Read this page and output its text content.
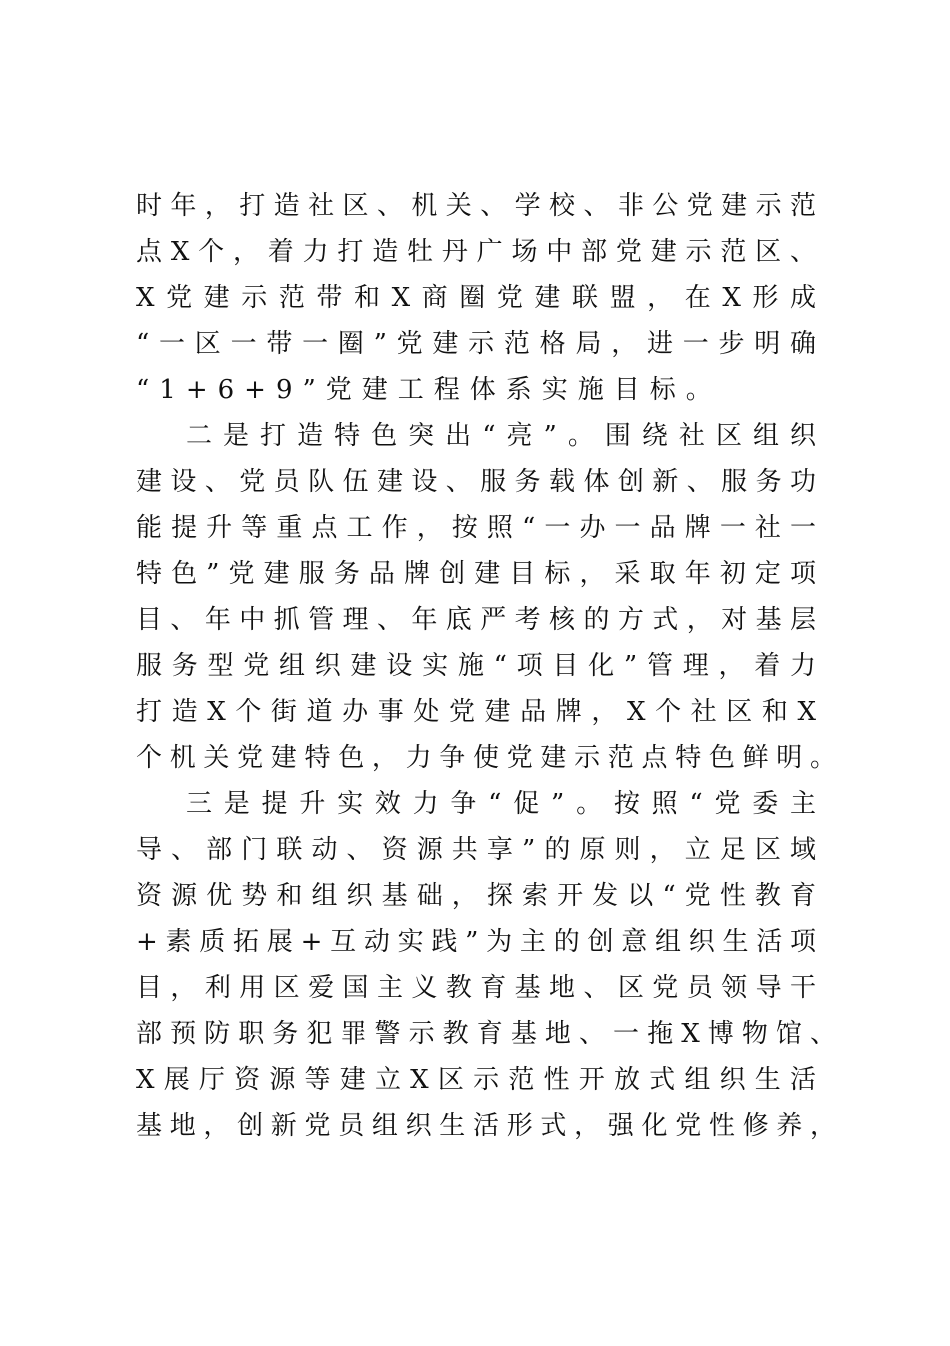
时年，打造社区、机关、学校、非公党建示范
点X个，着力打造牡丹广场中部党建示范区、
X党建示范带和X商圈党建联盟，在X形成
“一区一带一圈”党建示范格局，进一步明确
“1+6+9”党建工程体系实施目标。
二是打造特色突出“亮”。围绕社区组织
建设、党员队伍建设、服务载体创新、服务功
能提升等重点工作，按照“一办一品牌一社一
特色”党建服务品牌创建目标，采取年初定项
目、年中抓管理、年底严考核的方式，对基层
服务型党组织建设实施“项目化”管理，着力
打造X个街道办事处党建品牌，X个社区和X
个机关党建特色，力争使党建示范点特色鲜明。
三是提升实效力争“促”。按照“党委主
导、部门联动、资源共享”的原则，立足区域
资源优势和组织基础，探索开发以“党性教育
+素质拓展+互动实践”为主的创意组织生活项
目，利用区爱国主义教育基地、区党员领导干
部预防职务犯罪警示教育基地、一拖X博物馆、
X展厅资源等建立X区示范性开放式组织生活
基地，创新党员组织生活形式，强化党性修养，
